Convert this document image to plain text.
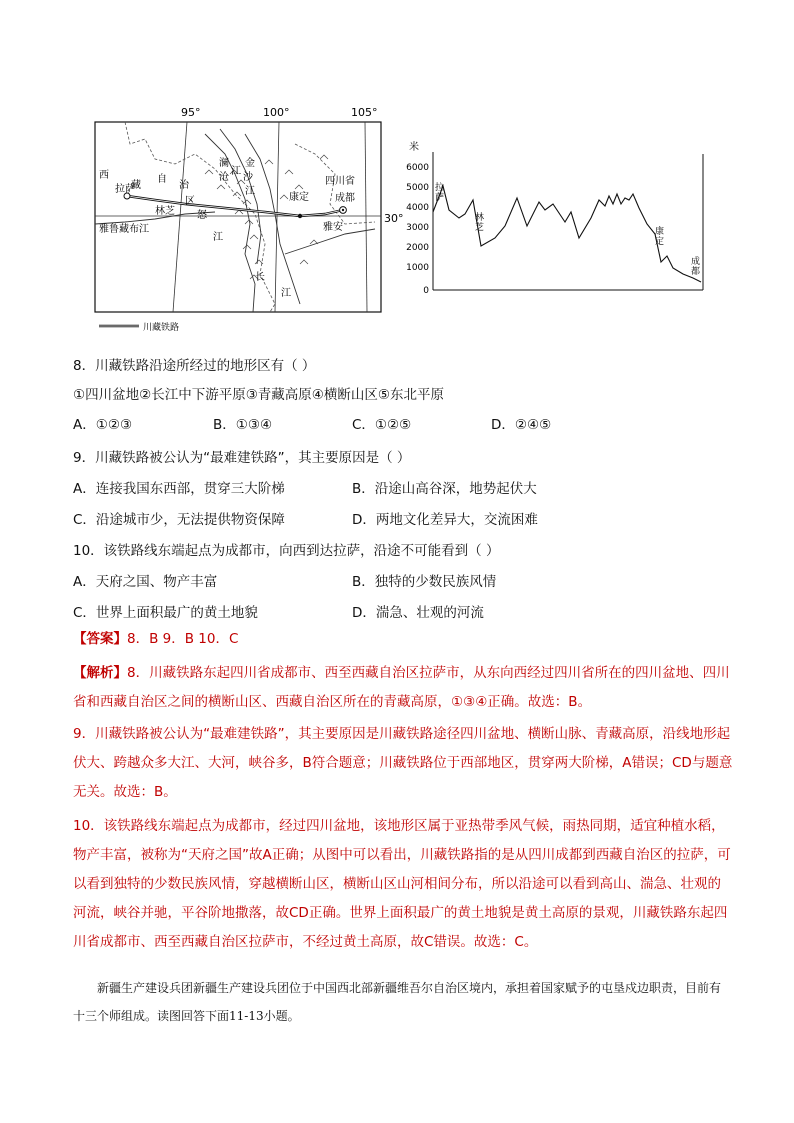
95°	100°	105°
30°
西
藏
自
治
区
拉萨
林芝 怒
江
雅鲁藏布江
澜
沧
江
金
沙
江
长
江
四川省
康定	成都
雅安
川藏铁路
米
6000
5000
4000
3000
2000
1000
0
拉萨
林芝	康定
成都
8．川藏铁路沿途所经过的地形区有（ ）
①四川盆地②长江中下游平原③青藏高原④横断山区⑤东北平原
A．①②③	B．①③④	C．①②⑤	D．②④⑤
9．川藏铁路被公认为“最难建铁路”，其主要原因是（ ）
A．连接我国东西部，贯穿三大阶梯	B．沿途山高谷深，地势起伏大
C．沿途城市少，无法提供物资保障	D．两地文化差异大，交流困难
10．该铁路线东端起点为成都市，向西到达拉萨，沿途不可能看到（ ）
A．天府之国、物产丰富	B．独特的少数民族风情
C．世界上面积最广的黄土地貌	D．湍急、壮观的河流
【答案】8．B 9．B 10．C
【解析】8．川藏铁路东起四川省成都市、西至西藏自治区拉萨市，从东向西经过四川省所在的四川盆地、四川省和西藏自治区之间的横断山区、西藏自治区所在的青藏高原，①③④正确。故选：B。
9．川藏铁路被公认为“最难建铁路”，其主要原因是川藏铁路途径四川盆地、横断山脉、青藏高原，沿线地形起伏大、跨越众多大江、大河，峡谷多，B符合题意；川藏铁路位于西部地区，贯穿两大阶梯，A错误；CD与题意无关。故选：B。
10．该铁路线东端起点为成都市，经过四川盆地，该地形区属于亚热带季风气候，雨热同期，适宜种植水稻，物产丰富，被称为“天府之国”故A正确；从图中可以看出，川藏铁路指的是从四川成都到西藏自治区的拉萨，可以看到独特的少数民族风情，穿越横断山区，横断山区山河相间分布，所以沿途可以看到高山、湍急、壮观的河流，峡谷并驰，平谷阶地撒落，故CD正确。世界上面积最广的黄土地貌是黄土高原的景观，川藏铁路东起四川省成都市、西至西藏自治区拉萨市，不经过黄土高原，故C错误。故选：C。
新疆生产建设兵团新疆生产建设兵团位于中国西北部新疆维吾尔自治区境内，承担着国家赋予的屯垦戍边职责，目前有十三个师组成。读图回答下面11-13小题。
